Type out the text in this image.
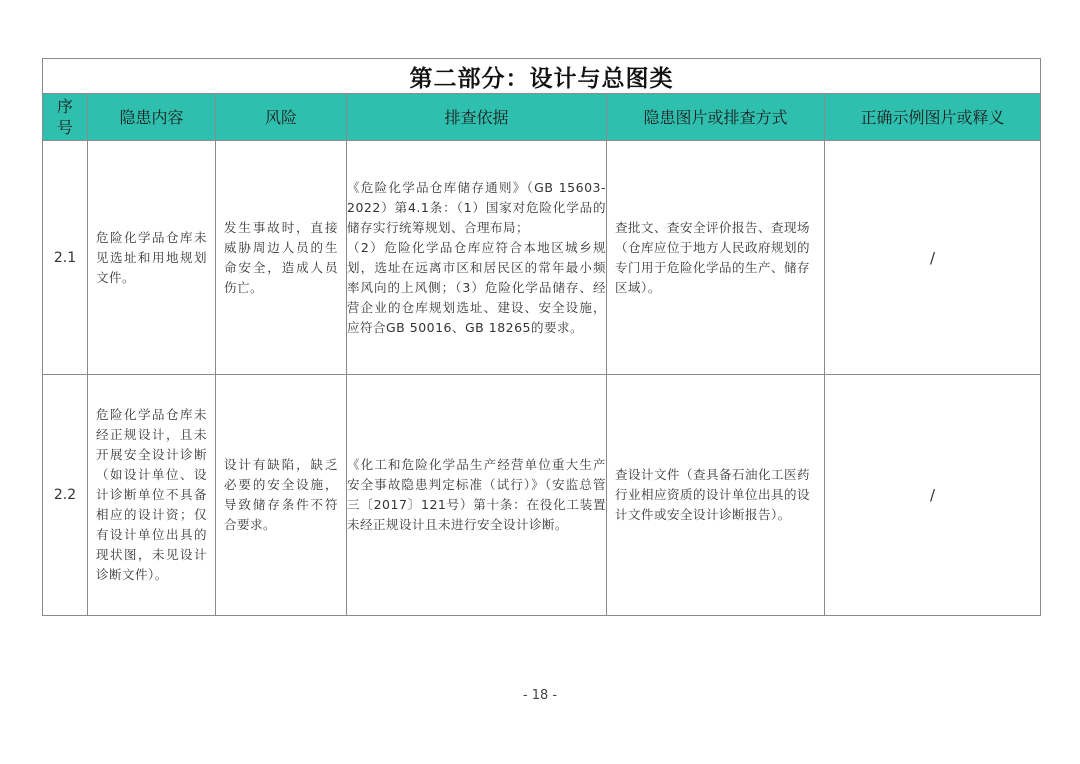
第二部分：设计与总图类					
序号	隐患内容	风险	排查依据	隐患图片或排查方式	正确示例图片或释义
2.1	危险化学品仓库未见选址和用地规划文件。	发生事故时，直接威胁周边人员的生命安全，造成人员伤亡。	《危险化学品仓库储存通则》（GB 15603-2022）第4.1条：（1）国家对危险化学品的储存实行统筹规划、合理布局；
（2）危险化学品仓库应符合本地区城乡规划，选址在远离市区和居民区的常年最小频率风向的上风侧；（3）危险化学品储存、经营企业的仓库规划选址、建设、安全设施，应符合GB 50016、GB 18265的要求。	查批文、查安全评价报告、查现场（仓库应位于地方人民政府规划的专门用于危险化学品的生产、储存区域）。	/
2.2	危险化学品仓库未经正规设计，且未开展安全设计诊断（如设计单位、设计诊断单位不具备相应的设计资；仅有设计单位出具的现状图，未见设计诊断文件）。	设计有缺陷，缺乏必要的安全设施，导致储存条件不符合要求。	《化工和危险化学品生产经营单位重大生产安全事故隐患判定标准（试行）》（安监总管三〔2017〕121号）第十条：在役化工装置未经正规设计且未进行安全设计诊断。	查设计文件（查具备石油化工医药行业相应资质的设计单位出具的设计文件或安全设计诊断报告）。	/
- 18 -
